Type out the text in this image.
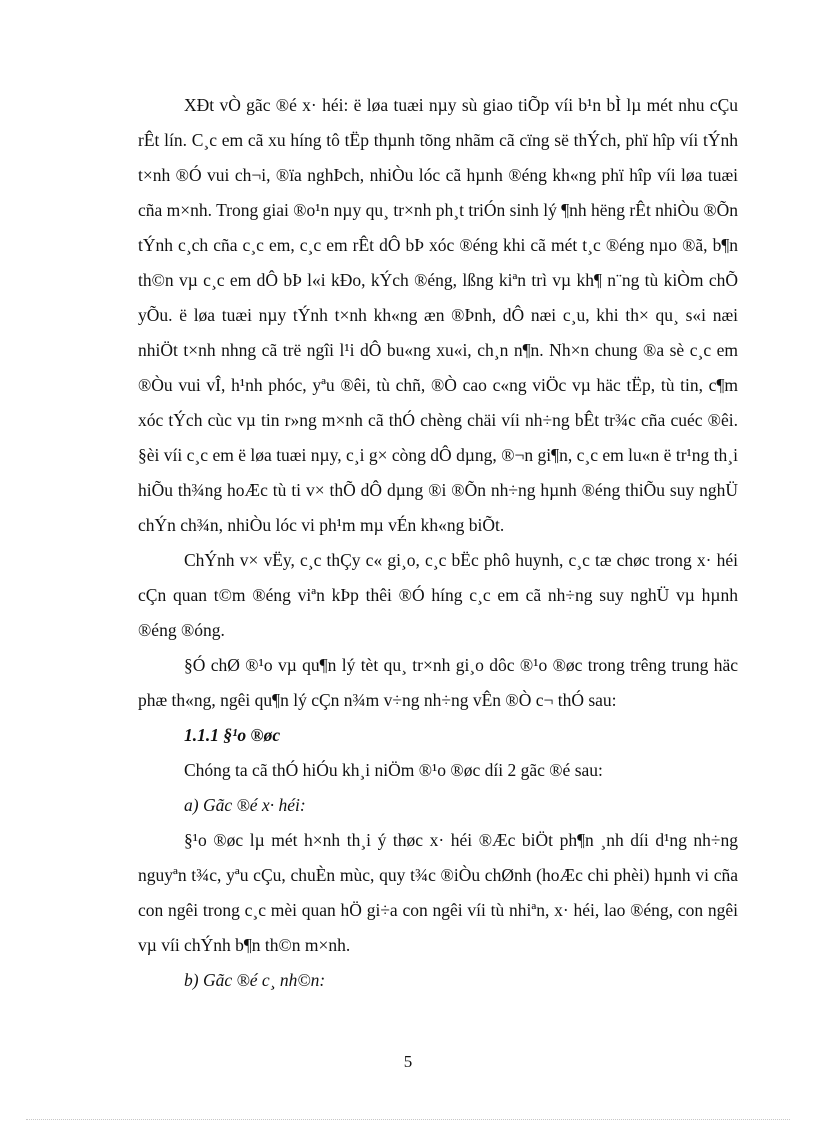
XÐt vÒ gãc ®é x· héi: ë løa tuæi nµy sù giao tiÕp víi b¹n bÌ lµ mét nhu cÇu rÊt lín. C¸c em cã xu híng tô tËp thµnh tõng nhãm cã cïng së thÝch, phï hîp víi tÝnh t×nh ®Ó vui ch¬i, ®ïa nghÞch, nhiÒu lóc cã hµnh ®éng kh«ng phï hîp víi løa tuæi cña m×nh. Trong giai ®o¹n nµy qu¸ tr×nh ph¸t triÓn sinh lý ¶nh hëng rÊt nhiÒu ®Õn tÝnh c¸ch cña c¸c em, c¸c em rÊt dÔ bÞ xóc ®éng khi cã mét t¸c ®éng nµo ®ã, b¶n th©n vµ c¸c em dÔ bÞ l«i kÐo, kÝch ®éng, lßng kiªn trì vµ kh¶ n¨ng tù kiÒm chÕ yÕu. ë løa tuæi nµy tÝnh t×nh kh«ng æn ®Þnh, dÔ næi c¸u, khi th× qu¸ s«i næi nhiÖt t×nh nhng cã trë ngîi l¹i dÔ bu«ng xu«i, ch¸n n¶n. Nh×n chung ®a sè c¸c em ®Òu vui vÎ, h¹nh phóc, yªu ®êi, tù chñ, ®Ò cao c«ng viÖc vµ häc tËp, tù tin, c¶m xóc tÝch cùc vµ tin r»ng m×nh cã thÓ chèng chäi víi nh÷ng bÊt tr¾c cña cuéc ®êi. §èi víi c¸c em ë løa tuæi nµy, c¸i g× còng dÔ dµng, ®¬n gi¶n, c¸c em lu«n ë tr¹ng th¸i hiÕu th¾ng hoÆc tù ti v× thÕ dÔ dµng ®i ®Õn nh÷ng hµnh ®éng thiÕu suy nghÜ chÝn ch¾n, nhiÒu lóc vi ph¹m mµ vÉn kh«ng biÕt.

ChÝnh v× vËy, c¸c thÇy c« gi¸o, c¸c bËc phô huynh, c¸c tæ chøc trong x· héi cÇn quan t©m ®éng viªn kÞp thêi ®Ó híng c¸c em cã nh÷ng suy nghÜ vµ hµnh ®éng ®óng.

§Ó chØ ®¹o vµ qu¶n lý tèt qu¸ tr×nh gi¸o dôc ®¹o ®øc trong trêng trung häc phæ th«ng, ngêi qu¶n lý cÇn n¾m v÷ng nh÷ng vÊn ®Ò c¬ thÓ sau:

1.1.1 §¹o ®øc

Chóng ta cã thÓ hiÓu kh¸i niÖm ®¹o ®øc díi 2 gãc ®é sau:

a) Gãc ®é x· héi:

§¹o ®øc lµ mét h×nh th¸i ý thøc x· héi ®Æc biÖt ph¶n ¸nh díi d¹ng nh÷ng nguyªn t¾c, yªu cÇu, chuÈn mùc, quy t¾c ®iÒu chØnh (hoÆc chi phèi) hµnh vi cña con ngêi trong c¸c mèi quan hÖ gi÷a con ngêi víi tù nhiªn, x· héi, lao ®éng, con ngêi vµ víi chÝnh b¶n th©n m×nh.

b) Gãc ®é c¸ nh©n:

5
